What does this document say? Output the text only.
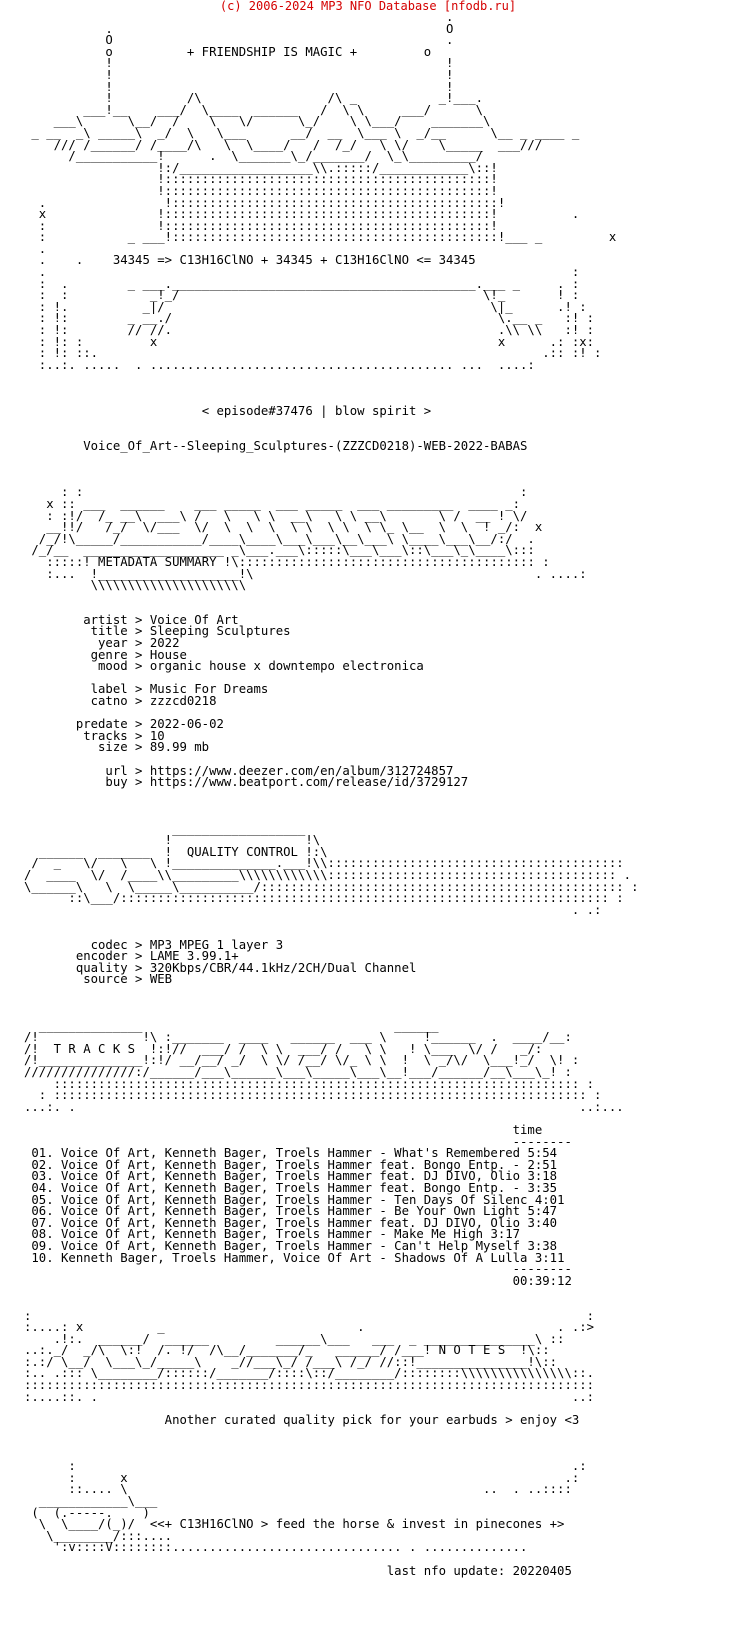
(c) 2006-2024 MP3 NFO Database [nfodb.ru]
.
.                                             O
O                                             .
o          + FRIENDSHIP IS MAGIC +         o
!                                             !
!                                             !
!                                             !
!          /\                 /\ _           _!___.
___!__    ___/  \____  ______   /  \ \     ___/      \
___\      \__/  /    \   \/      \_/    \ \___/    _______\
_ __  _\ _____\  _/  \   \___      __/  __  \___ \  _/__      \__ _ ____ _
/// /______/ /____/\   \  \____/   /  /_/   \ \/    \_____  ___///
/___________!      .  \_______\_/_______/  \_\_________/
!:/__________________\\.:::::/____________\::!
!::::::::::::::::::::::::::::::::::::::::::::!
!::::::::::::::::::::::::::::::::::::::::::::!
.                !::::::::::::::::::::::::::::::::::::::::::::!
x               !::::::::::::::::::::::::::::::::::::::::::::!          .
:               !::::::::::::::::::::::::::::::::::::::::::::!
:           _ ___!::::::::::::::::::::::::::::::::::::::::::::!___ _         x
.
.    .    34345 => C13H16ClNO + 34345 + C13H16ClNO <= 34345
.                                                                       :
:  .        _ ___._________________________________________.___ _     . :
:  :           _!_/                                         \!_       ! :
: !.          _|/                                            \|_      .! :
: !:        _ __./                                            \.__ _   :! :
: !:        // //.                                            .\\ \\   :! :
: !: :         x                                              x      .: :x:
: !: ::.                                                            .:: :! :
:..:. .....  . ......................................... ...  ....:

< episode#37476 | blow spirit >

Voice_Of_Art--Sleeping_Sculptures-(ZZZCD0218)-WEB-2022-BABAS

: :                                                           :
x :: ___  ______    ___ _____  ___ _____  ___ _________  ____ _:
: :!/  /_ __\  ___\ /   \   \ \  __\   \ \ __\       \ /  __ ! \/
__!!/   /_/  \/___  \/  \  \  \  \ \  \ \  \ \_ \__  \  \  ! _/:  x
/_/!\_____/___________/____\____\___\___\__\___\ \____\___\__/:/  .
/_/__  ___________________ _\___.___\:::::\___\___\::\___\_\____\:::
:::::! METADATA SUMMARY !\:::::::::::::::::::::::::::::::::::::::: :
:...  !___________________!\                                      . ....:
\\\\\\\\\\\\\\\\\\\\\

artist > Voice Of Art
title > Sleeping Sculptures
year > 2022
genre > House
mood > organic house x downtempo electronica

label > Music For Dreams
catno > zzzcd0218

predate > 2022-06-02
tracks > 10
size > 89.99 mb

url > https://www.deezer.com/en/album/312724857
buy > https://www.beatport.com/release/id/3729127

__________________
!                  !\
______  _______  !  QUALITY CONTROL !:\
/  _   \/   \   \ !______________.___!\\::::::::::::::::::::::::::::::::::::::::
/  ____  \/  /____\\_________\\\\\\\\\\\\::::::::::::::::::::::::::::::::::::::: .
\______\   \  \_____\__________/::::::::::::::::::::::::::::::::::::::::::::::::: :
::\___/:::::::::::::::::::::::::::::::::::::::::::::::::::::::::::::::::: :
. .:

codec > MP3 MPEG 1 layer 3
encoder > LAME 3.99.1+
quality > 320Kbps/CBR/44.1kHz/2CH/Dual Channel
source > WEB

______________                                  ______
/!              !\ :_______  ____   ______  ___ \     !______  .  ____/__:
/!  T R A C K S  !:!//  ___/ /  \ \  ___/ /   \ \   ! \___  \/ /   _/:
/!______________!:!/ __/__/ _/  \ \/ /__/ \/_ \ \  !  \ _/\/  \___!_/  \! :
///////////////:/______/___\______\___\_____\___\__!___/______/__\___\_! :
::::::::::::::::::::::::::::::::::::::::::::::::::::::::::::::::::::::: :
: :::::::::::::::::::::::::::::::::::::::::::::::::::::::::::::::::::::::: :
...:. .                                                                    ..:...

time
--------
01. Voice Of Art, Kenneth Bager, Troels Hammer - What's Remembered 5:54
02. Voice Of Art, Kenneth Bager, Troels Hammer feat. Bongo Entp. - 2:51
03. Voice Of Art, Kenneth Bager, Troels Hammer feat. DJ DIVO, Olio 3:18
04. Voice Of Art, Kenneth Bager, Troels Hammer feat. Bongo Entp. - 3:35
05. Voice Of Art, Kenneth Bager, Troels Hammer - Ten Days Of Silenc 4:01
06. Voice Of Art, Kenneth Bager, Troels Hammer - Be Your Own Light 5:47
07. Voice Of Art, Kenneth Bager, Troels Hammer feat. DJ DIVO, Olio 3:40
08. Voice Of Art, Kenneth Bager, Troels Hammer - Make Me High 3:17
09. Voice Of Art, Kenneth Bager, Troels Hammer - Can't Help Myself 3:38
10. Kenneth Bager, Troels Hammer, Voice Of Art - Shadows Of A Lulla 3:11
--------
00:39:12

:                                                                           :
:....: x          _                          .                          . .:>
.!:.  ______/  ______         ______\___   ___  _ _______________\ ::
..:._/  _/\  \:!  /. !/  /\__/_______/_   ______/ /___! N O T E S  !\::
:.:/ \__/  \___\_/_____\    _//___\_/ /___\ /_/ //::!_______________!\::
:.. .::: \________/::::::/_______/::::\::/________/::::::::\\\\\\\\\\\\\\\::.
:::::::::::::::::::::::::::::::::::::::::::::::::::::::::::::::::::::::::::::
:....::. .                                                                ..:

Another curated quality pick for your earbuds > enjoy <3

:                                                                   .:
:      x                                                           .:
::.... \                                                ..  . ..::::
____________\___
(  (.-----.    )
\  \____/(_)/  <<+ C13H16ClNO > feed the horse & invest in pinecones +>
\________/:::....
':v::::V::::::::............................... . ..............

last nfo update: 20220405
